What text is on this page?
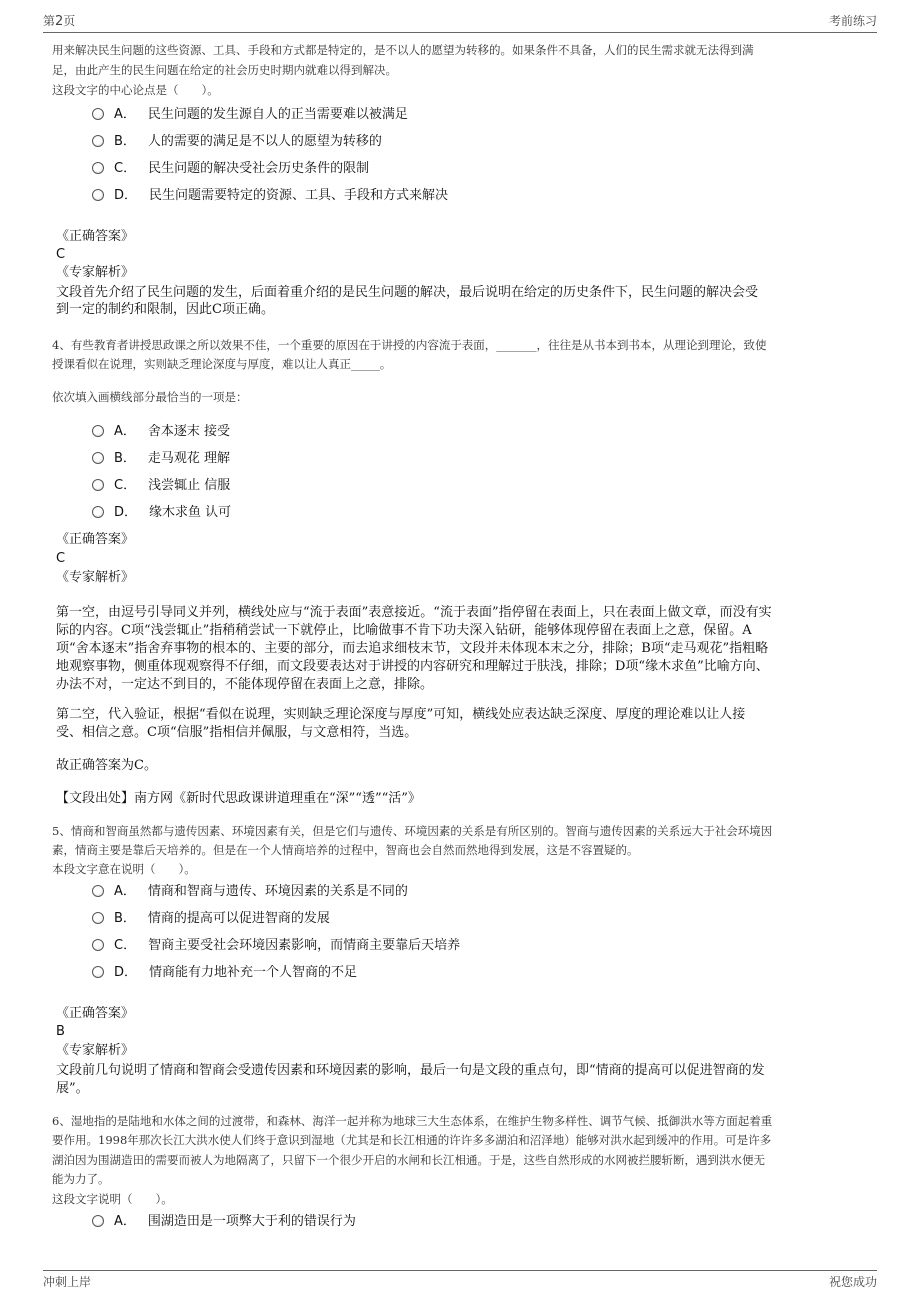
第2页	考前练习
用来解决民生问题的这些资源、工具、手段和方式都是特定的，是不以人的愿望为转移的。如果条件不具备，人们的民生需求就无法得到满
足，由此产生的民生问题在给定的社会历史时期内就难以得到解决。
这段文字的中心论点是（　　）。
A． 民生问题的发生源自人的正当需要难以被满足
B． 人的需要的满足是不以人的愿望为转移的
C． 民生问题的解决受社会历史条件的限制
D． 民生问题需要特定的资源、工具、手段和方式来解决
《正确答案》
C
《专家解析》
文段首先介绍了民生问题的发生，后面着重介绍的是民生问题的解决，最后说明在给定的历史条件下，民生问题的解决会受
到一定的制约和限制，因此C项正确。
4、有些教育者讲授思政课之所以效果不佳，一个重要的原因在于讲授的内容流于表面，_______，往往是从书本到书本，从理论到理论，致使
授课看似在说理，实则缺乏理论深度与厚度，难以让人真正_____。
依次填入画横线部分最恰当的一项是：
A． 舍本逐末 接受
B． 走马观花 理解
C． 浅尝辄止 信服
D． 缘木求鱼 认可
《正确答案》
C
《专家解析》
第一空，由逗号引导同义并列，横线处应与“流于表面”表意接近。“流于表面”指停留在表面上，只在表面上做文章，而没有实
际的内容。C项“浅尝辄止”指稍稍尝试一下就停止，比喻做事不肯下功夫深入钻研，能够体现停留在表面上之意，保留。A
项“舍本逐末”指舍弃事物的根本的、主要的部分，而去追求细枝末节，文段并未体现本末之分，排除；B项“走马观花”指粗略
地观察事物，侧重体现观察得不仔细，而文段要表达对于讲授的内容研究和理解过于肤浅，排除；D项“缘木求鱼”比喻方向、
办法不对，一定达不到目的，不能体现停留在表面上之意，排除。
第二空，代入验证，根据“看似在说理，实则缺乏理论深度与厚度”可知，横线处应表达缺乏深度、厚度的理论难以让人接
受、相信之意。C项“信服”指相信并佩服，与文意相符，当选。
故正确答案为C。
【文段出处】南方网《新时代思政课讲道理重在“深”“透”“活”》
5、情商和智商虽然都与遗传因素、环境因素有关，但是它们与遗传、环境因素的关系是有所区别的。智商与遗传因素的关系远大于社会环境因
素，情商主要是靠后天培养的。但是在一个人情商培养的过程中，智商也会自然而然地得到发展，这是不容置疑的。
本段文字意在说明（　　）。
A． 情商和智商与遗传、环境因素的关系是不同的
B． 情商的提高可以促进智商的发展
C． 智商主要受社会环境因素影响，而情商主要靠后天培养
D． 情商能有力地补充一个人智商的不足
《正确答案》
B
《专家解析》
文段前几句说明了情商和智商会受遗传因素和环境因素的影响，最后一句是文段的重点句，即“情商的提高可以促进智商的发
展”。
6、湿地指的是陆地和水体之间的过渡带，和森林、海洋一起并称为地球三大生态体系，在维护生物多样性、调节气候、抵御洪水等方面起着重
要作用。1998年那次长江大洪水使人们终于意识到湿地（尤其是和长江相通的许许多多湖泊和沼泽地）能够对洪水起到缓冲的作用。可是许多
湖泊因为围湖造田的需要而被人为地隔离了，只留下一个很少开启的水闸和长江相通。于是，这些自然形成的水网被拦腰斩断，遇到洪水便无
能为力了。
这段文字说明（　　）。
A． 围湖造田是一项弊大于利的错误行为
冲刺上岸	祝您成功
